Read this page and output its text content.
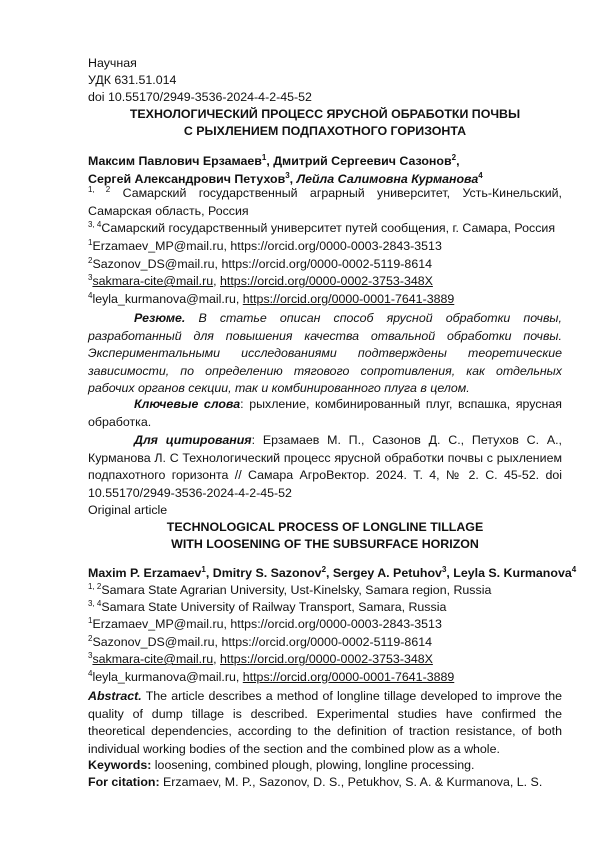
Научная
УДК 631.51.014
doi 10.55170/2949-3536-2024-4-2-45-52
ТЕХНОЛОГИЧЕСКИЙ ПРОЦЕСС ЯРУСНОЙ ОБРАБОТКИ ПОЧВЫ
С РЫХЛЕНИЕМ ПОДПАХОТНОГО ГОРИЗОНТА
Максим Павлович Ерзамаев$^1$, Дмитрий Сергеевич Сазонов$^2$,
Сергей Александрович Петухов$^3$, Лейла Салимовна Курманова$^4$
$^{1, 2}$ Самарский государственный аграрный университет, Усть-Кинельский, Самарская область, Россия
$^{3, 4}$Самарский государственный университет путей сообщения, г. Самара, Россия
$^1$Erzamaev_MP@mail.ru, https://orcid.org/0000-0003-2843-3513
$^2$Sazonov_DS@mail.ru, https://orcid.org/0000-0002-5119-8614
$^3$sakmara-cite@mail.ru, https://orcid.org/0000-0002-3753-348X
$^4$leyla_kurmanova@mail.ru, https://orcid.org/0000-0001-7641-3889
Резюме. В статье описан способ ярусной обработки почвы, разработанный для повышения качества отвальной обработки почвы. Экспериментальными исследованиями подтверждены теоретические зависимости, по определению тягового сопротивления, как отдельных рабочих органов секции, так и комбинированного плуга в целом.
Ключевые слова: рыхление, комбинированный плуг, вспашка, ярусная обработка.
Для цитирования: Ерзамаев М. П., Сазонов Д. С., Петухов С. А., Курманова Л. С Технологический процесс ярусной обработки почвы с рыхлением подпахотного горизонта // Самара АгроВектор. 2024. Т. 4, № 2. С. 45-52. doi 10.55170/2949-3536-2024-4-2-45-52
Original article
TECHNOLOGICAL PROCESS OF LONGLINE TILLAGE
WITH LOOSENING OF THE SUBSURFACE HORIZON
Maxim P. Erzamaev$^1$, Dmitry S. Sazonov$^2$, Sergey A. Petuhov$^3$, Leyla S. Kurmanova$^4$
$^{1, 2}$Samara State Agrarian University, Ust-Kinelsky, Samara region, Russia
$^{3, 4}$Samara State University of Railway Transport, Samara, Russia
$^1$Erzamaev_MP@mail.ru, https://orcid.org/0000-0003-2843-3513
$^2$Sazonov_DS@mail.ru, https://orcid.org/0000-0002-5119-8614
$^3$sakmara-cite@mail.ru, https://orcid.org/0000-0002-3753-348X
$^4$leyla_kurmanova@mail.ru, https://orcid.org/0000-0001-7641-3889
Abstract. The article describes a method of longline tillage developed to improve the quality of dump tillage is described. Experimental studies have confirmed the theoretical dependencies, according to the definition of traction resistance, of both individual working bodies of the section and the combined plow as a whole.
Keywords: loosening, combined plough, plowing, longline processing.
For citation: Erzamaev, M. P., Sazonov, D. S., Petukhov, S. A. & Kurmanova, L. S.
